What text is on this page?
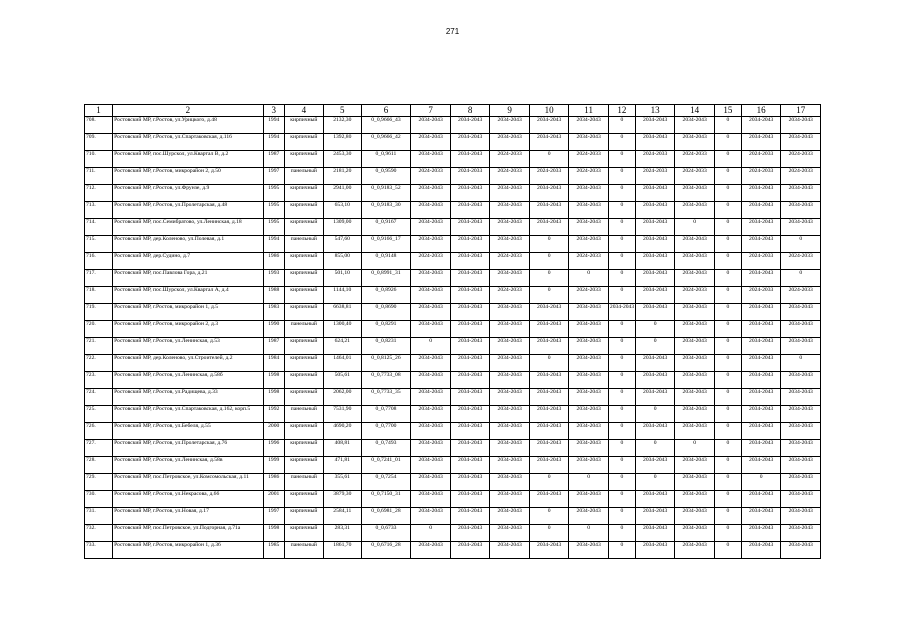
271
1	2	3	4	5	6	7	8	9	10	11	12	13	14	15	16	17
708.	Ростовский МР, г.Ростов, ул.Урицкого, д.48	1994	кирпичный	2132,30	0_0,9666_43	2034-2043	2034-2043	2034-2043	2034-2043	2034-2043	0	2034-2043	2034-2043	0	2034-2043	2034-2043
709.	Ростовский МР, г.Ростов, ул.Спартаковская, д.116	1994	кирпичный	1392,80	0_0,9666_42	2034-2043	2034-2043	2034-2043	2034-2043	2034-2043	0	2034-2043	2034-2043	0	2034-2043	2034-2043
710.	Ростовский МР, пос.Шурскол, ул.Квартал В, д.2	1987	кирпичный	2453,30	0_0,9611	2034-2043	2034-2043	2024-2033	0	2024-2033	0	2024-2033	2024-2033	0	2024-2033	2024-2033
711.	Ростовский МР, г.Ростов, микрорайон 2, д.50	1997	панельный	2181,20	0_0,9590	2024-2033	2024-2033	2024-2033	2024-2033	2024-2033	0	2024-2033	2024-2033	0	2024-2033	2024-2033
712.	Ростовский МР, г.Ростов, ул.Фрунзе, д.9	1995	кирпичный	2941,00	0_0,9183_52	2034-2043	2034-2043	2034-2043	2034-2043	2034-2043	0	2034-2043	2034-2043	0	2034-2043	2034-2043
713.	Ростовский МР, г.Ростов, ул.Пролетарская, д.48	1995	кирпичный	653,10	0_0,9183_30	2034-2043	2034-2043	2034-2043	2034-2043	2034-2043	0	2034-2043	2034-2043	0	2034-2043	2034-2043
714.	Ростовский МР, пос.Семибратово, ул.Ленинская, д.18	1995	кирпичный	1309,00	0_0,9167	2034-2043	2034-2043	2034-2043	2034-2043	2034-2043	0	2034-2043	0	0	2034-2043	2034-2043
715.	Ростовский МР, дер.Коленово, ул.Полевая, д.1	1994	панельный	547,60	0_0,9166_17	2034-2043	2034-2043	2034-2043	0	2034-2043	0	2034-2043	2034-2043	0	2034-2043	0
716.	Ростовский МР, дер.Судино, д.7	1986	кирпичный	855,00	0_0,9148	2024-2033	2034-2043	2024-2033	0	2024-2033	0	2034-2043	2034-2043	0	2024-2033	2024-2033
717.	Ростовский МР, пос.Павлова Гора, д.21	1993	кирпичный	501,10	0_0,8991_31	2034-2043	2034-2043	2034-2043	0	0	0	2034-2043	2034-2043	0	2034-2043	0
718.	Ростовский МР, пос.Шурскол, ул.Квартал А, д.4	1988	кирпичный	1144,10	0_0,8926	2034-2043	2034-2043	2024-2033	0	2024-2033	0	2034-2043	2024-2033	0	2024-2033	2024-2033
719.	Ростовский МР, г.Ростов, микрорайон 1, д.5	1983	кирпичный	6638,81	0_0,8690	2034-2043	2034-2043	2034-2043	2034-2043	2034-2043	2034-2043	2034-2043	2034-2043	0	2034-2043	2034-2043
720.	Ростовский МР, г.Ростов, микрорайон 2, д.3	1990	панельный	1300,40	0_0,8291	2034-2043	2034-2043	2034-2043	2034-2043	2034-2043	0	0	2034-2043	0	2034-2043	2034-2043
721.	Ростовский МР, г.Ростов, ул.Ленинская, д.53	1987	кирпичный	624,21	0_0,8231	0	2034-2043	2034-2043	2034-2043	2034-2043	0	0	2034-2043	0	2034-2043	2034-2043
722.	Ростовский МР, дер.Коленово, ул.Строителей, д.2	1984	кирпичный	1464,01	0_0,8125_26	2034-2043	2034-2043	2034-2043	0	2034-2043	0	2034-2043	2034-2043	0	2034-2043	0
723.	Ростовский МР, г.Ростов, ул.Ленинская, д.58б	1998	кирпичный	505,61	0_0,7733_08	2034-2043	2034-2043	2034-2043	2034-2043	2034-2043	0	2034-2043	2034-2043	0	2034-2043	2034-2043
724.	Ростовский МР, г.Ростов, ул.Радищева, д.33	1998	кирпичный	2062,00	0_0,7733_35	2034-2043	2034-2043	2034-2043	2034-2043	2034-2043	0	2034-2043	2034-2043	0	2034-2043	2034-2043
725.	Ростовский МР, г.Ростов, ул.Спартаковская, д.162, корп.5	1992	панельный	7531,90	0_0,7708	2034-2043	2034-2043	2034-2043	2034-2043	2034-2043	0	0	2034-2043	0	2034-2043	2034-2043
726.	Ростовский МР, г.Ростов, ул.Бебеля, д.55	2000	кирпичный	4690,20	0_0,7700	2034-2043	2034-2043	2034-2043	2034-2043	2034-2043	0	2034-2043	2034-2043	0	2034-2043	2034-2043
727.	Ростовский МР, г.Ростов, ул.Пролетарская, д.76	1996	кирпичный	408,81	0_0,7493	2034-2043	2034-2043	2034-2043	2034-2043	2034-2043	0	0	0	0	2034-2043	2034-2043
728.	Ростовский МР, г.Ростов, ул.Ленинская, д.58в	1999	кирпичный	471,81	0_0,7241_01	2034-2043	2034-2043	2034-2043	2034-2043	2034-2043	0	2034-2043	2034-2043	0	2034-2043	2034-2043
729.	Ростовский МР, пос.Петровское, ул.Комсомольская, д.11	1986	панельный	355,61	0_0,7254	2034-2043	2034-2043	2034-2043	0	0	0	0	2034-2043	0	0	2034-2043
730.	Ростовский МР, г.Ростов, ул.Некрасова, д.66	2001	кирпичный	3879,30	0_0,7150_31	2034-2043	2034-2043	2034-2043	2034-2043	2034-2043	0	2034-2043	2034-2043	0	2034-2043	2034-2043
731.	Ростовский МР, г.Ростов, ул.Новая, д.17	1997	кирпичный	2584,11	0_0,6981_28	2034-2043	2034-2043	2034-2043	0	2034-2043	0	2034-2043	2034-2043	0	2034-2043	2034-2043
732.	Ростовский МР, пос.Петровское, ул.Подгорная, д.71а	1998	кирпичный	283,31	0_0,6733	0	2034-2043	2034-2043	0	0	0	2034-2043	2034-2043	0	2034-2043	2034-2043
733.	Ростовский МР, г.Ростов, микрорайон 1, д.36	1985	панельный	1861,70	0_0,6716_28	2034-2043	2034-2043	2034-2043	2034-2043	2034-2043	0	2034-2043	2034-2043	0	2034-2043	2034-2043
